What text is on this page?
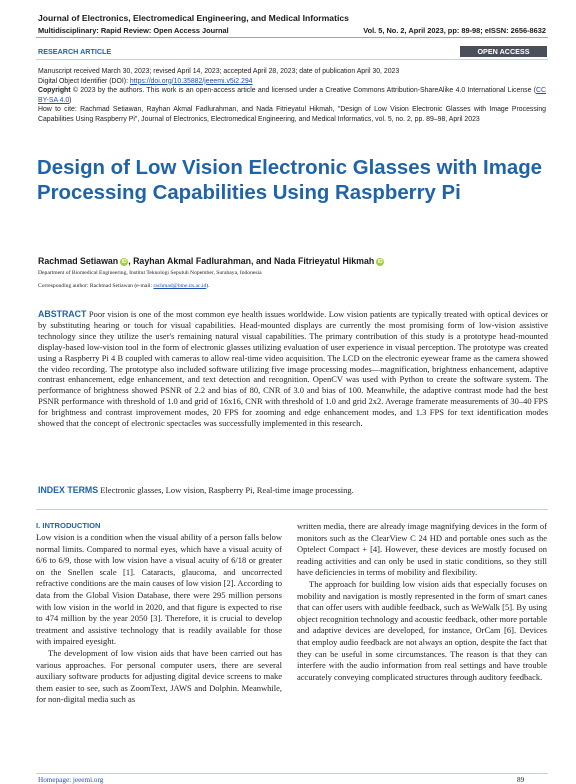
Journal of Electronics, Electromedical Engineering, and Medical Informatics
Multidisciplinary: Rapid Review: Open Access Journal	Vol. 5, No. 2, April 2023, pp: 89-98; eISSN: 2656-8632
RESEARCH ARTICLE	OPEN ACCESS

Manuscript received March 30, 2023; revised April 14, 2023; accepted April 28, 2023; date of publication April 30, 2023

Digital Object Identifier (DOI): https://doi.org/10.35882/jeeemi.v5i2.294

Copyright © 2023 by the authors. This work is an open-access article and licensed under a Creative Commons Attribution-ShareAlike 4.0 International License (CC BY-SA 4.0)

How to cite: Rachmad Setiawan, Rayhan Akmal Fadlurahman, and Nada Fitrieyatul Hikmah, "Design of Low Vision Electronic Glasses with Image Processing Capabilities Using Raspberry Pi", Journal of Electronics, Electromedical Engineering, and Medical Informatics, vol. 5, no. 2, pp. 89–98, April 2023

Design of Low Vision Electronic Glasses with Image Processing Capabilities Using Raspberry Pi
Rachmad Setiawan iD , Rayhan Akmal Fadlurahman, and Nada Fitrieyatul Hikmah iD
Department of Biomedical Engineering, Institut Teknologi Sepuluh Nopember, Surabaya, Indonesia
Corresponding author: Rachmad Setiawan (e-mail: rachmad@bme.its.ac.id).

ABSTRACT Poor vision is one of the most common eye health issues worldwide. Low vision patients are typically treated with optical devices or by substituting hearing or touch for visual capabilities. Head-mounted displays are currently the most promising form of low-vision assistive technology since they utilize the user's remaining natural visual capabilities. The primary contribution of this study is a prototype head-mounted display-based low-vision tool in the form of electronic glasses utilizing evaluation of user experience in visual perception. The prototype was created using a Raspberry Pi 4 B coupled with cameras to allow real-time video acquisition. The LCD on the electronic eyewear frame as the camera showed the video recording. The prototype also included software utilizing five image processing modes—magnification, brightness enhancement, adaptive contrast enhancement, edge enhancement, and text detection and recognition. OpenCV was used with Python to create the software system. The performance of brightness showed PSNR of 2.2 and bias of 80, CNR of 3.0 and bias of 100. Meanwhile, the adaptive contrast mode had the best PSNR performance with threshold of 1.0 and grid of 16x16, CNR with threshold of 1.0 and grid 2x2. Average framerate measurements of 30–40 FPS for brightness and contrast improvement modes, 20 FPS for zooming and edge enhancement modes, and 1.3 FPS for text identification modes showed that the concept of electronic spectacles was successfully implemented in this research.

INDEX TERMS Electronic glasses, Low vision, Raspberry Pi, Real-time image processing.

I. INTRODUCTION

Low vision is a condition when the visual ability of a person falls below normal limits. Compared to normal eyes, which have a visual acuity of 6/6 to 6/9, those with low vision have a visual acuity of 6/18 or greater on the Snellen scale [1]. Cataracts, glaucoma, and uncorrected refractive conditions are the main causes of low vision [2]. According to data from the Global Vision Database, there were 295 million persons with low vision in the world in 2020, and that figure is expected to rise to 474 million by the year 2050 [3]. Therefore, it is crucial to develop treatment and assistive technology that is readily available for those with impaired eyesight.

The development of low vision aids that have been carried out has various approaches. For personal computer users, there are several auxiliary software products for adjusting digital device screens to make them easier to see, such as ZoomText, JAWS and Dolphin. Meanwhile, for non-digital media such as

written media, there are already image magnifying devices in the form of monitors such as the ClearView C 24 HD and portable ones such as the Optelect Compact + [4]. However, these devices are mostly focused on reading activities and can only be used in static conditions, so they still have deficiencies in terms of mobility and flexibility.

The approach for building low vision aids that especially focuses on mobility and navigation is mostly represented in the form of smart canes that can offer users with audible feedback, such as WeWalk [5]. By using object recognition technology and acoustic feedback, other more portable and adaptive devices are developed, for instance, OrCam [6]. Devices that employ audio feedback are not always an option, despite the fact that they can be useful in some circumstances. The reason is that they can interfere with the audio information from real settings and have trouble accurately conveying complicated structures through auditory feedback.

Homepage: jeeemi.org	89
